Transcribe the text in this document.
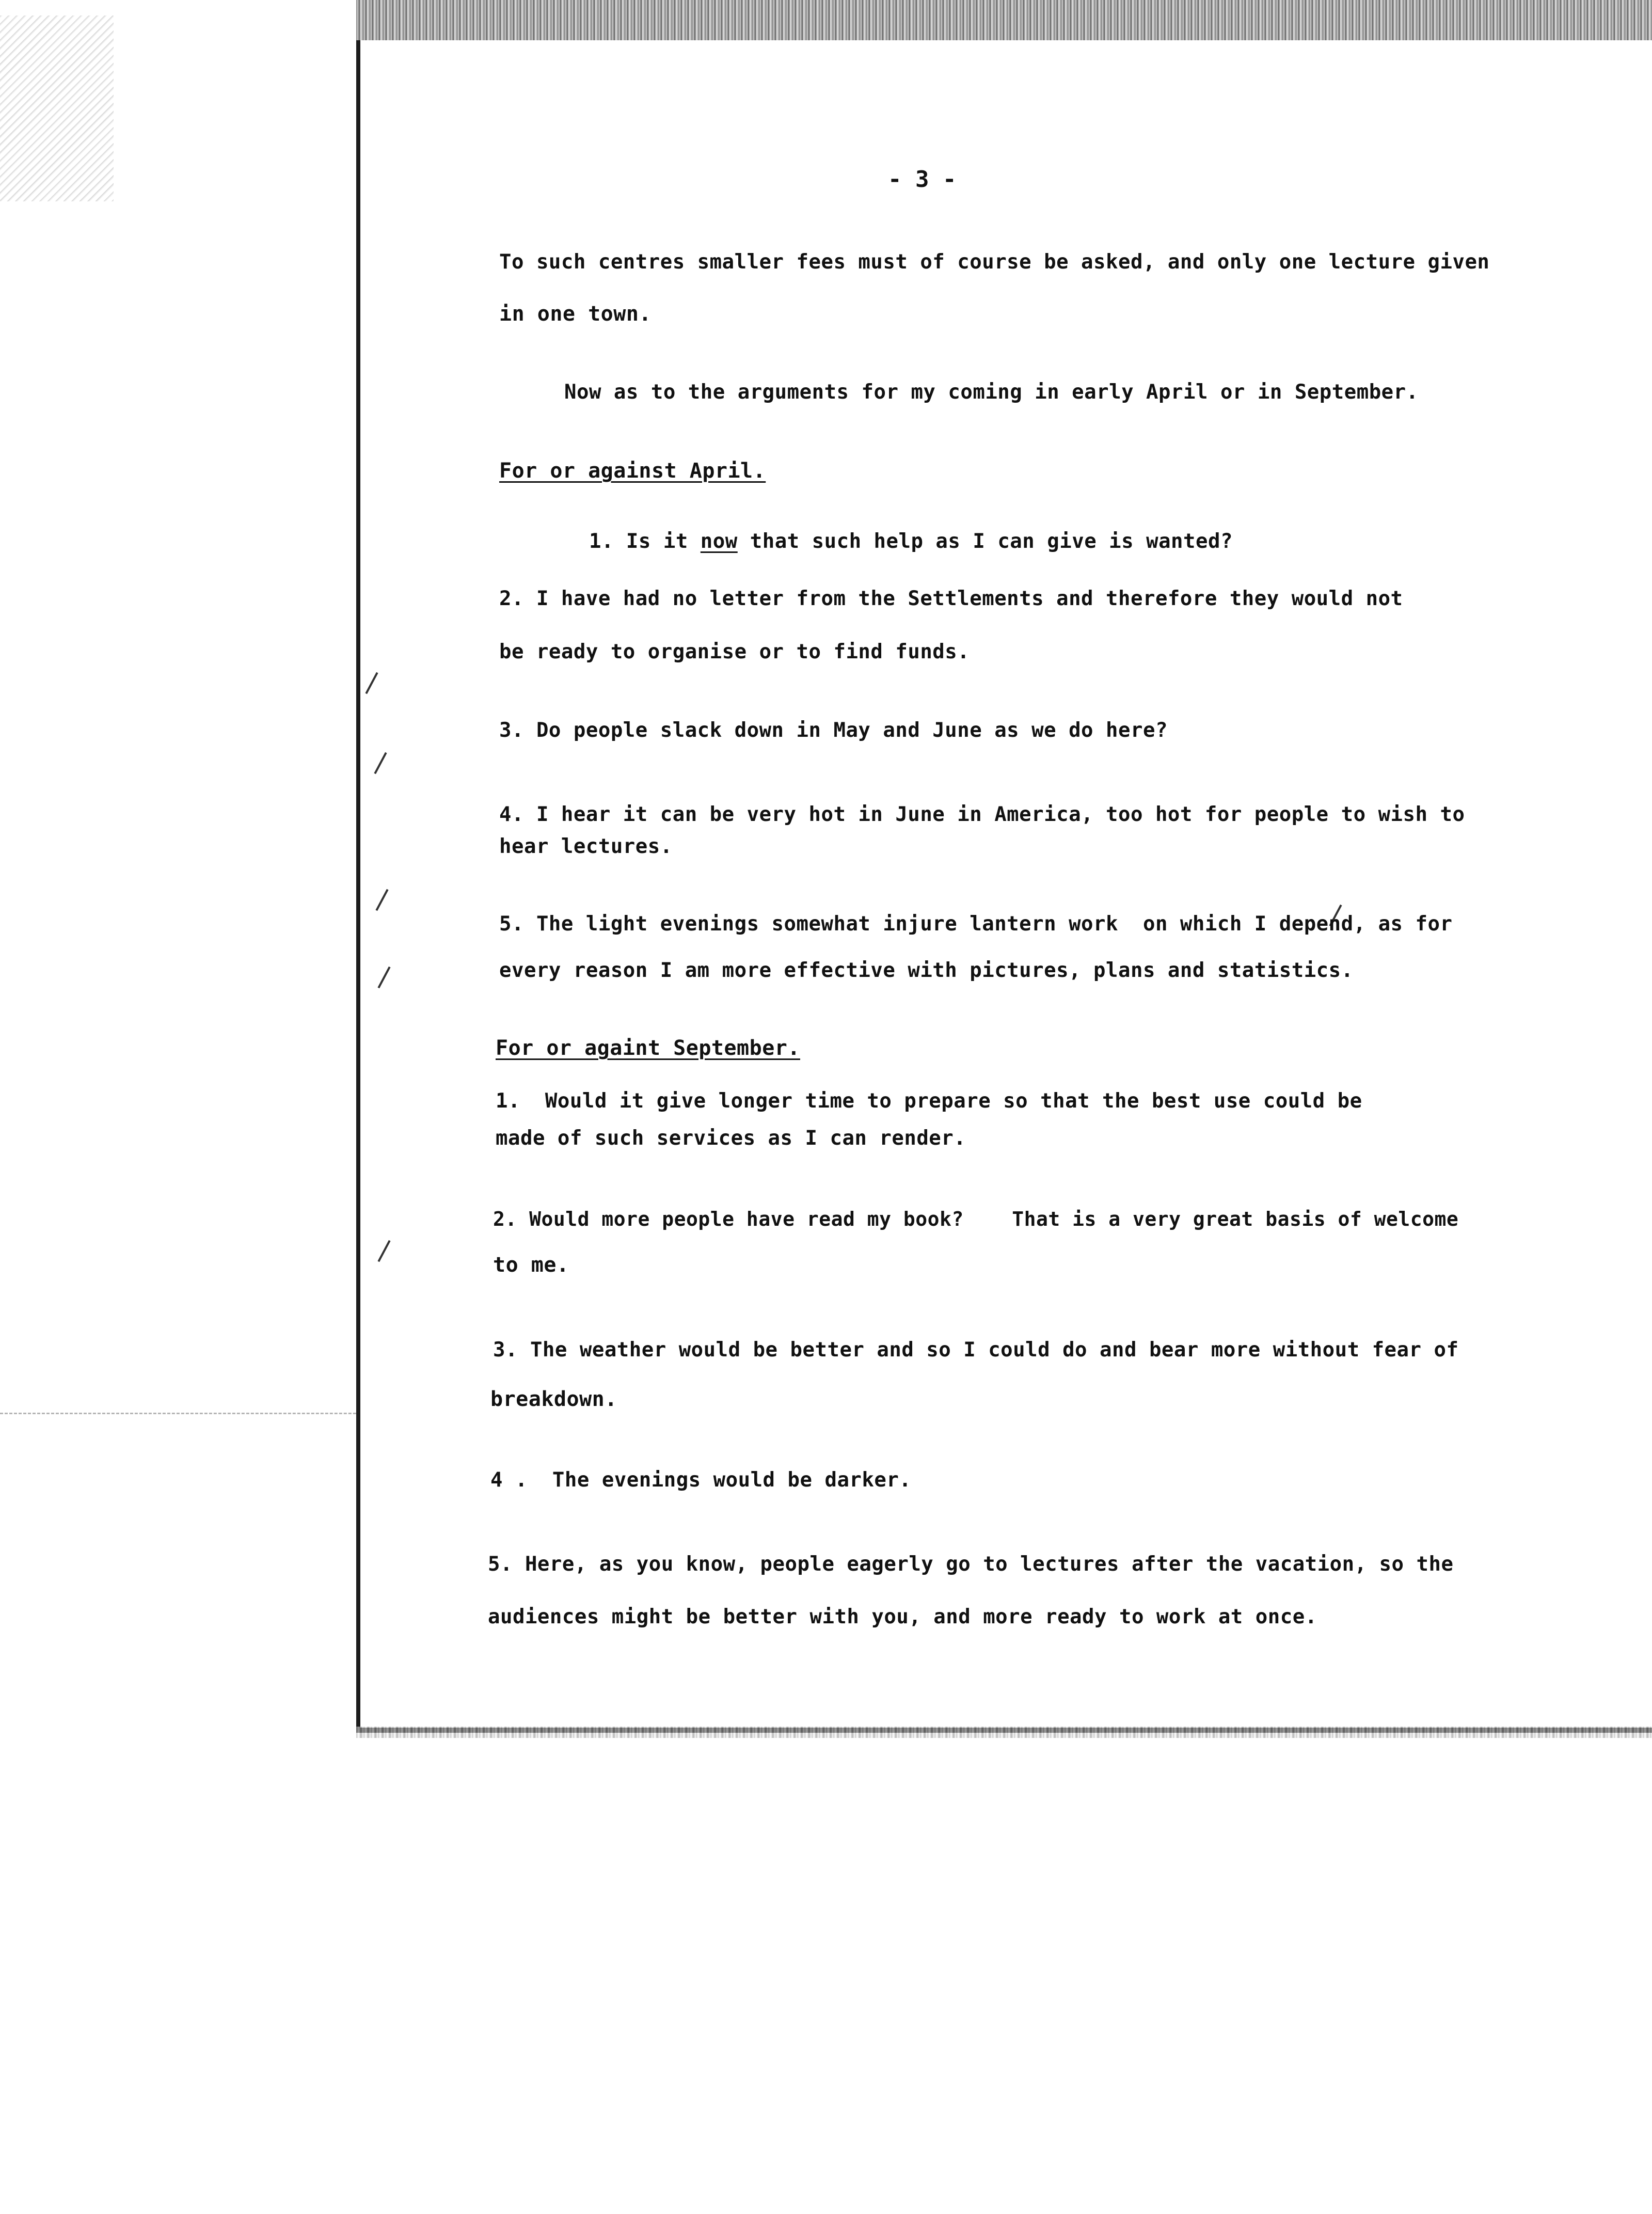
- 3 -
To such centres smaller fees must of course be asked, and only one lecture given
in one town.
Now as to the arguments for my coming in early April or in September.
For or against April.

1. Is it now that such help as I can give is wanted?

2. I have had no letter from the Settlements and therefore they would not
be ready to organise or to find funds.
3. Do people slack down in May and June as we do here?
4. I hear it can be very hot in June in America, too hot for people to wish to
hear lectures.
5. The light evenings somewhat injure lantern work  on which I depend, as for
every reason I am more effective with pictures, plans and statistics.
For or againt September.
1.  Would it give longer time to prepare so that the best use could be
made of such services as I can render.
2. Would more people have read my book?    That is a very great basis of welcome
to me.
3. The weather would be better and so I could do and bear more without fear of
breakdown.
4 .  The evenings would be darker.
5. Here, as you know, people eagerly go to lectures after the vacation, so the
audiences might be better with you, and more ready to work at once.
